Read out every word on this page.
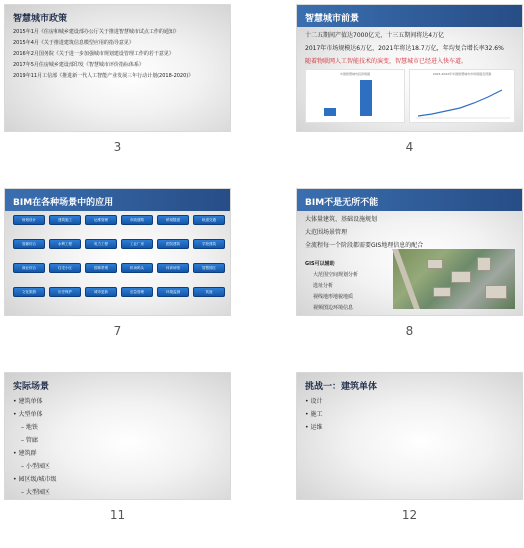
智慧城市政策
2015年1月《住房和城乡建设部办公厅关于推进智慧城市试点工作的通知》
2015年4月《关于推进建筑信息模型应用的指导意见》
2016年2月国务院《关于进一步加强城市规划建设管理工作的若干意见》
2017年5月住房城乡建设部印发《智慧城市评价指标体系》
2019年11月工信部《推进新一代人工智能产业发展三年行动计划(2018-2020)》
3
智慧城市前景
十二五期间产值达7000亿元，十三五期间将达4万亿
2017年市场规模达6万亿，2021年将达18.7万亿，年均复合增长率32.6%
随着物联网人工智能技术的演变，智慧城市已经进入快车道。
中国智慧城市投资规模	2015-2022年中国智慧城市市场规模及预测
4
BIM在各种场景中的应用
规划设计	建筑施工	运维管理	市政道路	桥梁隧道	轨道交通
管廊综合	水利工程	电力工程	工业厂房	医院建筑	学校建筑
商业综合	住宅小区	园林景观	机场码头	体育场馆	智慧园区
文化旅游	历史保护	城市更新	应急管理	环境监测	其他
7
BIM不是无所不能
大体量建筑、基础设施规划
大范围场景管理
全流程每一个阶段都需要GIS地理信息的配合
GIS可以辅助
大范围空间规划分析
选址分析
视线地形地貌地质
视频图边环境信息
8
实际场景
• 建筑单体
• 大型单体
– 地铁
– 管廊
• 建筑群
– 小型园区
• 园区级/城市级
– 大型园区
11
挑战一：建筑单体
• 设计
• 施工
• 运维
12
